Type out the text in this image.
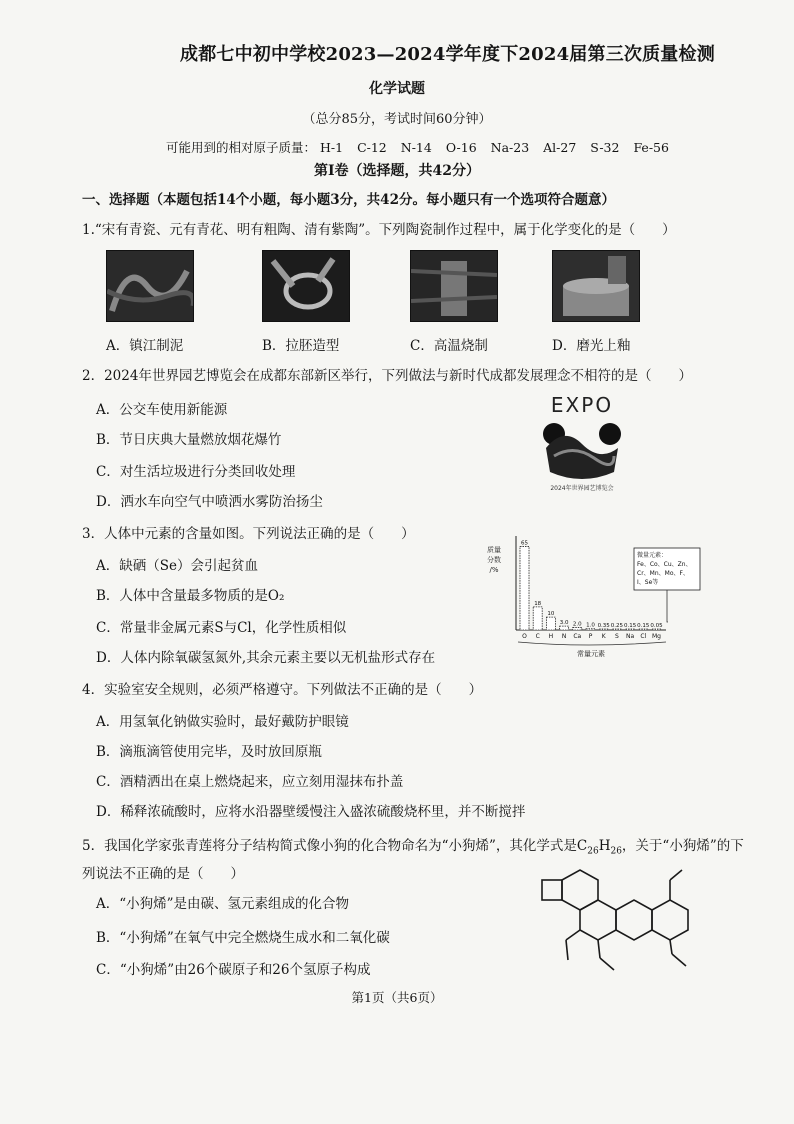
成都七中初中学校2023—2024学年度下2024届第三次质量检测
化学试题
（总分85分，考试时间60分钟）
可能用到的相对原子质量： H-1 C-12 N-14 O-16 Na-23 Al-27 S-32 Fe-56
第Ⅰ卷（选择题，共42分）
一、选择题（本题包括14个小题，每小题3分，共42分。每小题只有一个选项符合题意）
1.“宋有青瓷、元有青花、明有粗陶、清有紫陶”。下列陶瓷制作过程中，属于化学变化的是（　　）
A．镇江制泥	B．拉胚造型	C．高温烧制	D．磨光上釉
2．2024年世界园艺博览会在成都东部新区举行，下列做法与新时代成都发展理念不相符的是（　　）
A．公交车使用新能源
B．节日庆典大量燃放烟花爆竹
C．对生活垃圾进行分类回收处理
D．洒水车向空气中喷洒水雾防治扬尘
EXPO
2024年世界园艺博览会
3．人体中元素的含量如图。下列说法正确的是（　　）
A．缺硒（Se）会引起贫血
B．人体中含量最多物质的是O₂
C．常量非金属元素S与Cl，化学性质相似
D．人体内除氧碳氢氮外,其余元素主要以无机盐形式存在
质量
分数
/%
65
O
18
C
10
H
3.0
N
2.0
Ca
1.0
P
0.35
K
0.25
S
0.15
Na
0.15
Cl
0.05
Mg
常量元素
微量元素：
Fe、Co、Cu、Zn、
Cr、Mn、Mo、F、
I、Se等
4．实验室安全规则，必须严格遵守。下列做法不正确的是（　　）
A．用氢氧化钠做实验时，最好戴防护眼镜
B．滴瓶滴管使用完毕，及时放回原瓶
C．酒精洒出在桌上燃烧起来，应立刻用湿抹布扑盖
D．稀释浓硫酸时，应将水沿器壁缓慢注入盛浓硫酸烧杯里，并不断搅拌
5．我国化学家张青莲将分子结构简式像小狗的化合物命名为“小狗烯”，其化学式是$C_{26}H_{26}$，关于“小狗烯”的下
列说法不正确的是（　　）
A．“小狗烯”是由碳、氢元素组成的化合物
B．“小狗烯”在氧气中完全燃烧生成水和二氧化碳
C．“小狗烯”由26个碳原子和26个氢原子构成
第1页（共6页）
